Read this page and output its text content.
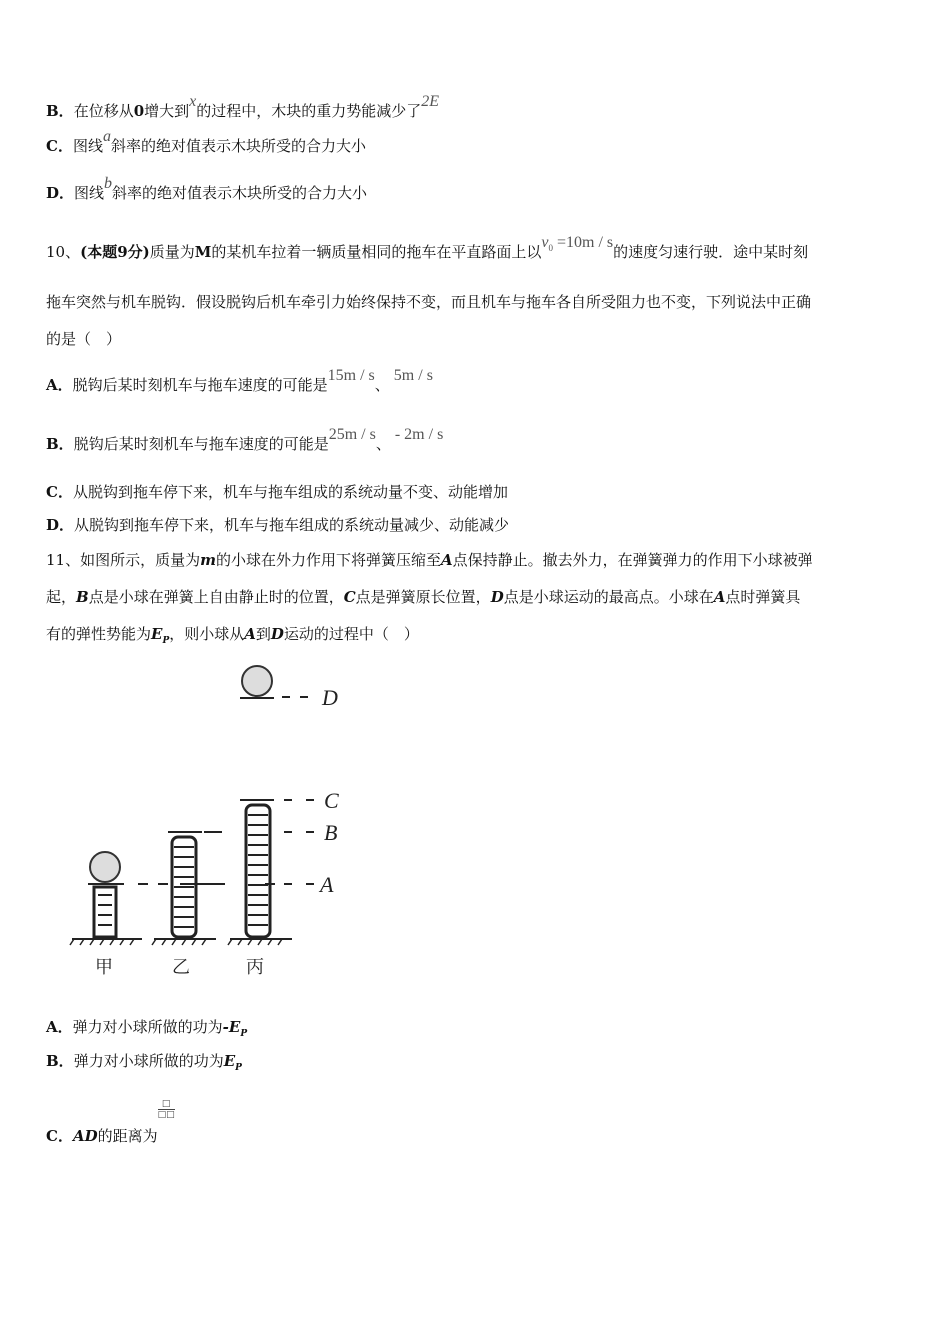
B．在位移从0增大到x的过程中，木块的重力势能减少了2E
C．图线a斜率的绝对值表示木块所受的合力大小
D．图线b斜率的绝对值表示木块所受的合力大小
10、(本题9分)质量为M的某机车拉着一辆质量相同的拖车在平直路面上以$v_0 =10m / s$的速度匀速行驶．途中某时刻
拖车突然与机车脱钩．假设脱钩后机车牵引力始终保持不变，而且机车与拖车各自所受阻力也不变，下列说法中正确
的是（　）
A．脱钩后某时刻机车与拖车速度的可能是15m / s、5m / s
B．脱钩后某时刻机车与拖车速度的可能是25m / s、- 2m / s
C．从脱钩到拖车停下来，机车与拖车组成的系统动量不变、动能增加
D．从脱钩到拖车停下来，机车与拖车组成的系统动量减少、动能减少
11、如图所示，质量为m的小球在外力作用下将弹簧压缩至A点保持静止。撤去外力，在弹簧弹力的作用下小球被弹
起，B点是小球在弹簧上自由静止时的位置，C点是弹簧原长位置，D点是小球运动的最高点。小球在A点时弹簧具
有的弹性势能为$E_P$，则小球从A到D运动的过程中（　）
D
C
B
A
甲	乙	丙
A．弹力对小球所做的功为$-E_P$
B．弹力对小球所做的功为$E_P$
C．AD的距离为
$\frac{□}{□□}$
